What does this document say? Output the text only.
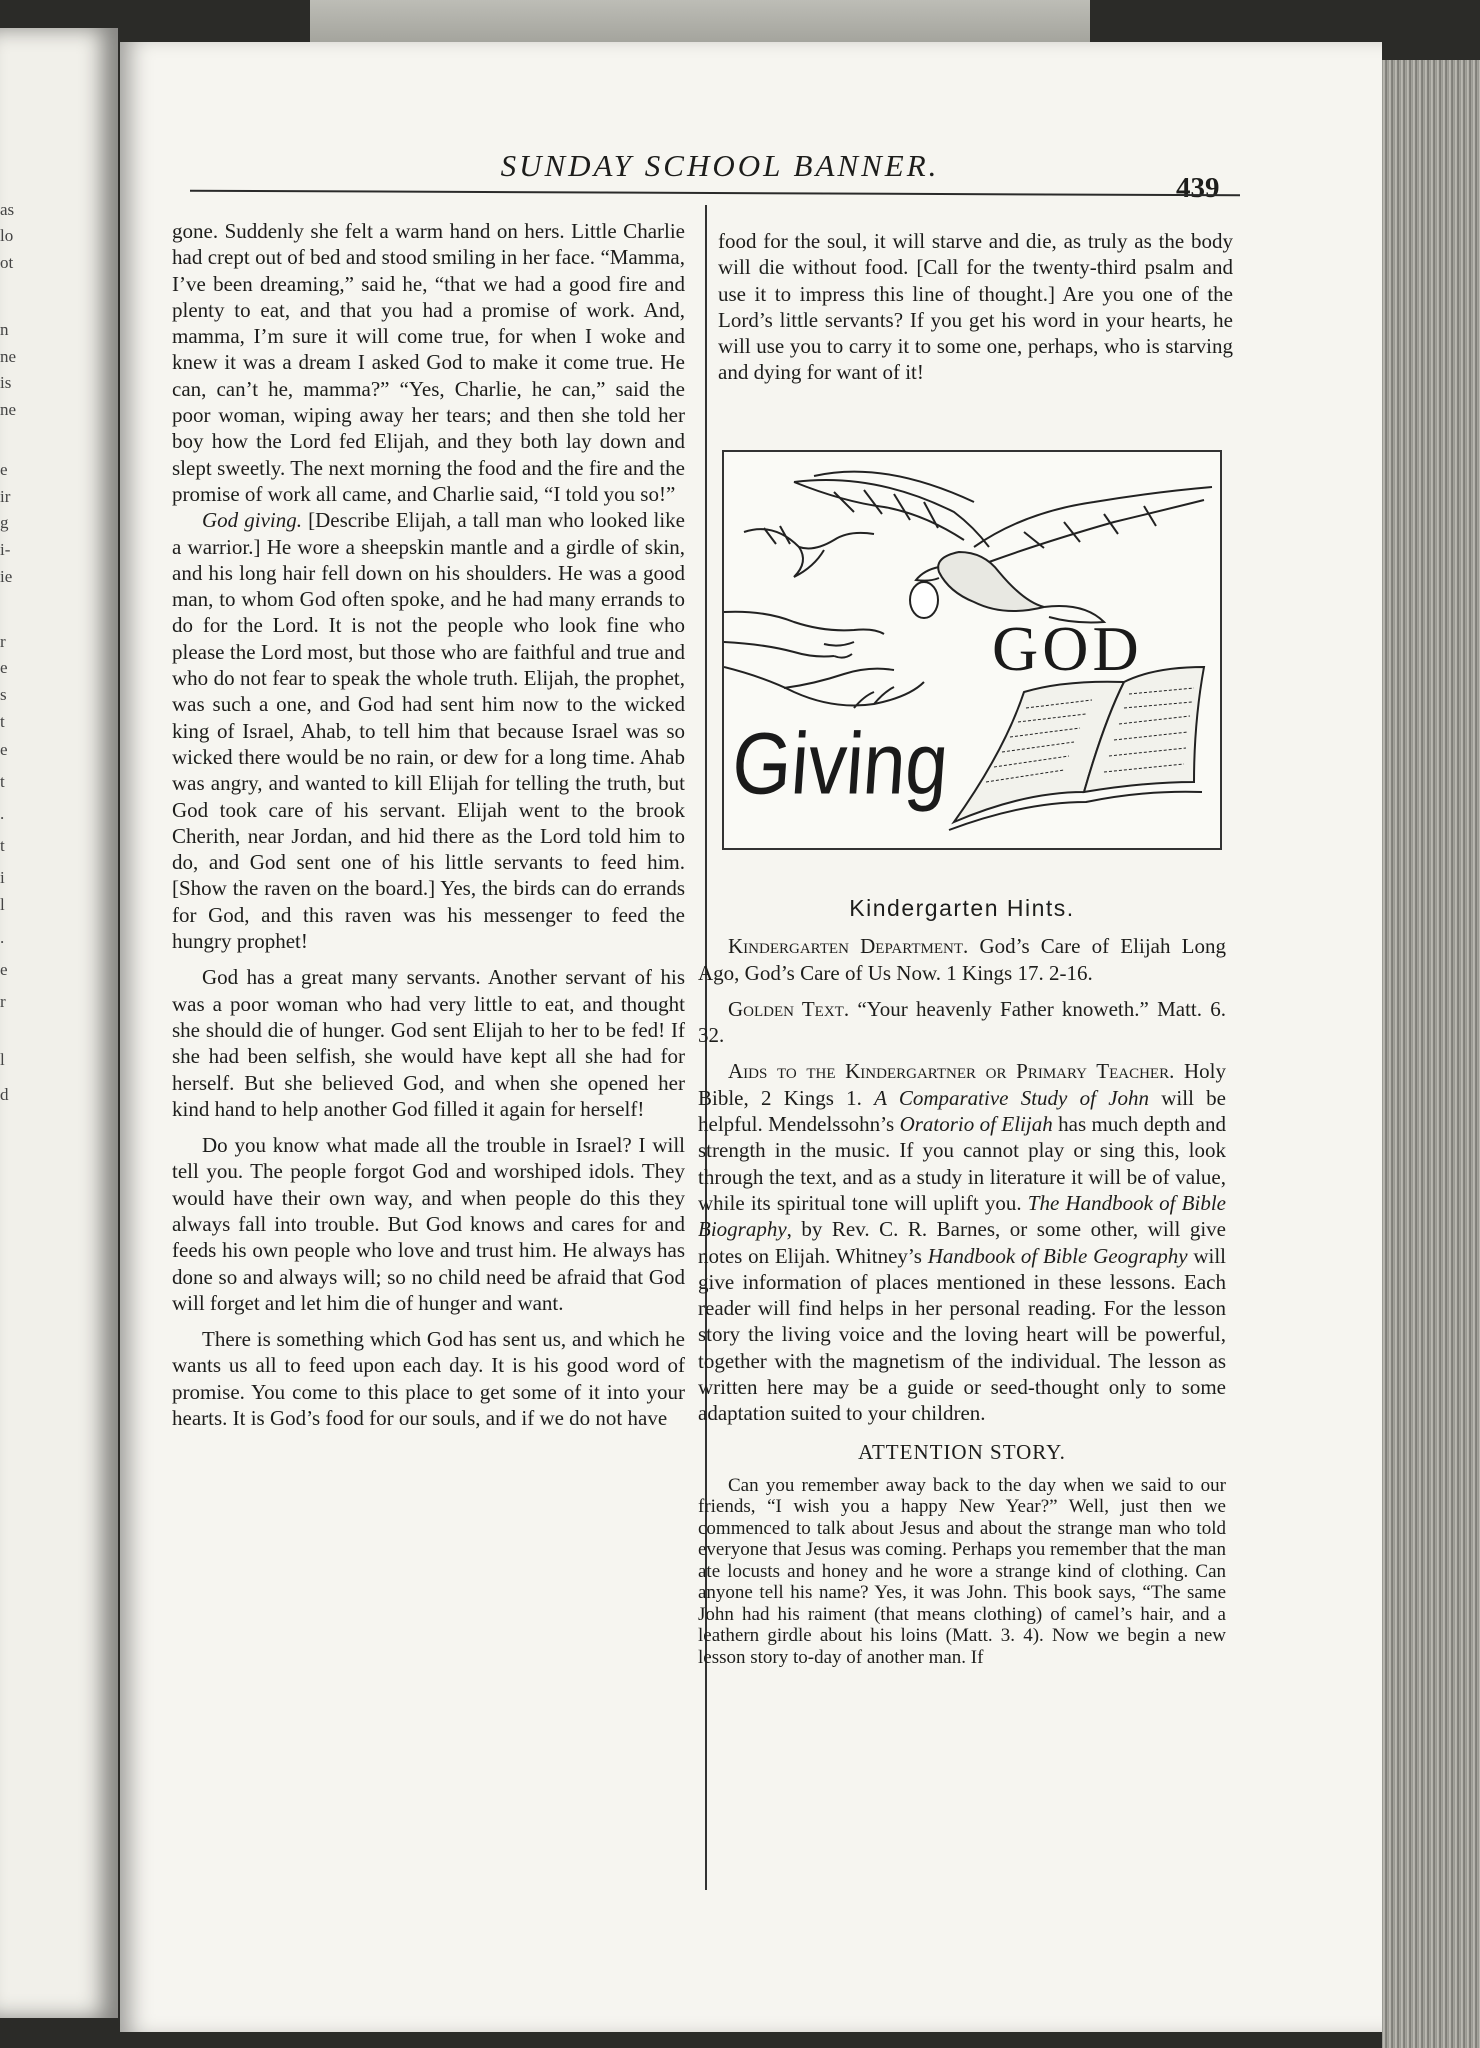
as
lo
ot
n
ne
is
ne
e
ir
g
i-
ie
r
e
s
t
e
t
.
t
i
l
.
e
r
l
d
SUNDAY SCHOOL BANNER.
439

gone. Suddenly she felt a warm hand on hers. Little Charlie had crept out of bed and stood smiling in her face. “Mamma, I’ve been dreaming,” said he, “that we had a good fire and plenty to eat, and that you had a promise of work. And, mamma, I’m sure it will come true, for when I woke and knew it was a dream I asked God to make it come true. He can, can’t he, mamma?” “Yes, Charlie, he can,” said the poor woman, wiping away her tears; and then she told her boy how the Lord fed Elijah, and they both lay down and slept sweetly. The next morning the food and the fire and the promise of work all came, and Charlie said, “I told you so!”

God giving. [Describe Elijah, a tall man who looked like a warrior.] He wore a sheepskin mantle and a girdle of skin, and his long hair fell down on his shoulders. He was a good man, to whom God often spoke, and he had many errands to do for the Lord. It is not the people who look fine who please the Lord most, but those who are faithful and true and who do not fear to speak the whole truth. Elijah, the prophet, was such a one, and God had sent him now to the wicked king of Israel, Ahab, to tell him that because Israel was so wicked there would be no rain, or dew for a long time. Ahab was angry, and wanted to kill Elijah for telling the truth, but God took care of his servant. Elijah went to the brook Cherith, near Jordan, and hid there as the Lord told him to do, and God sent one of his little servants to feed him. [Show the raven on the board.] Yes, the birds can do errands for God, and this raven was his messenger to feed the hungry prophet!

God has a great many servants. Another servant of his was a poor woman who had very little to eat, and thought she should die of hunger. God sent Elijah to her to be fed! If she had been selfish, she would have kept all she had for herself. But she believed God, and when she opened her kind hand to help another God filled it again for herself!

Do you know what made all the trouble in Israel? I will tell you. The people forgot God and worshiped idols. They would have their own way, and when people do this they always fall into trouble. But God knows and cares for and feeds his own people who love and trust him. He always has done so and always will; so no child need be afraid that God will forget and let him die of hunger and want.

There is something which God has sent us, and which he wants us all to feed upon each day. It is his good word of promise. You come to this place to get some of it into your hearts. It is God’s food for our souls, and if we do not have

food for the soul, it will starve and die, as truly as the body will die without food. [Call for the twenty-third psalm and use it to impress this line of thought.] Are you one of the Lord’s little servants? If you get his word in your hearts, he will use you to carry it to some one, perhaps, who is starving and dying for want of it!

GOD
Giving
Kindergarten Hints.

Kindergarten Department. God’s Care of Elijah Long Ago, God’s Care of Us Now. 1 Kings 17. 2-16.

Golden Text. “Your heavenly Father knoweth.” Matt. 6. 32.

Aids to the Kindergartner or Primary Teacher. Holy Bible, 2 Kings 1. A Comparative Study of John will be helpful. Mendelssohn’s Oratorio of Elijah has much depth and strength in the music. If you cannot play or sing this, look through the text, and as a study in literature it will be of value, while its spiritual tone will uplift you. The Handbook of Bible Biography, by Rev. C. R. Barnes, or some other, will give notes on Elijah. Whitney’s Handbook of Bible Geography will give information of places mentioned in these lessons. Each reader will find helps in her personal reading. For the lesson story the living voice and the loving heart will be powerful, together with the magnetism of the individual. The lesson as written here may be a guide or seed-thought only to some adaptation suited to your children.

ATTENTION STORY.

Can you remember away back to the day when we said to our friends, “I wish you a happy New Year?” Well, just then we commenced to talk about Jesus and about the strange man who told everyone that Jesus was coming. Perhaps you remember that the man ate locusts and honey and he wore a strange kind of clothing. Can anyone tell his name? Yes, it was John. This book says, “The same John had his raiment (that means clothing) of camel’s hair, and a leathern girdle about his loins (Matt. 3. 4). Now we begin a new lesson story to-day of another man. If
